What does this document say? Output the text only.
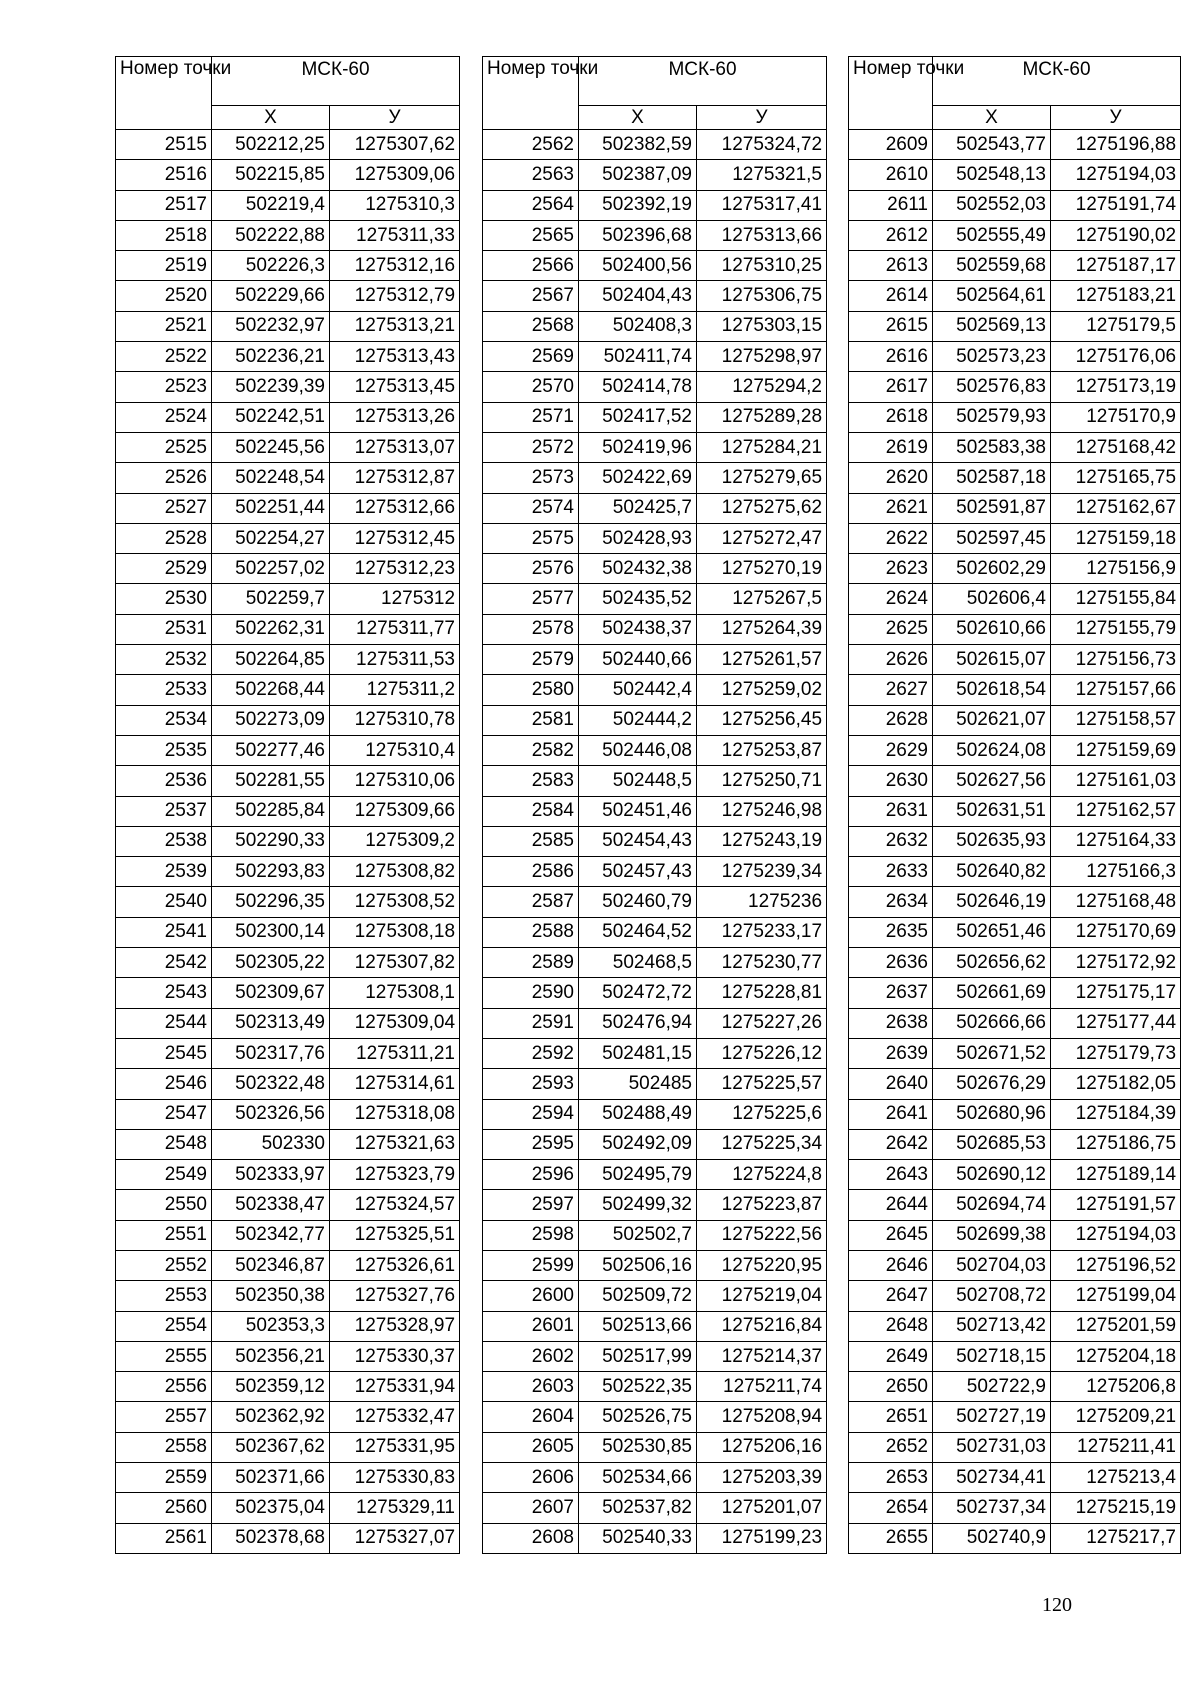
Номер точки	МСК-60	
	Х	У
2515	502212,25	1275307,62
2516	502215,85	1275309,06
2517	502219,4	1275310,3
2518	502222,88	1275311,33
2519	502226,3	1275312,16
2520	502229,66	1275312,79
2521	502232,97	1275313,21
2522	502236,21	1275313,43
2523	502239,39	1275313,45
2524	502242,51	1275313,26
2525	502245,56	1275313,07
2526	502248,54	1275312,87
2527	502251,44	1275312,66
2528	502254,27	1275312,45
2529	502257,02	1275312,23
2530	502259,7	1275312
2531	502262,31	1275311,77
2532	502264,85	1275311,53
2533	502268,44	1275311,2
2534	502273,09	1275310,78
2535	502277,46	1275310,4
2536	502281,55	1275310,06
2537	502285,84	1275309,66
2538	502290,33	1275309,2
2539	502293,83	1275308,82
2540	502296,35	1275308,52
2541	502300,14	1275308,18
2542	502305,22	1275307,82
2543	502309,67	1275308,1
2544	502313,49	1275309,04
2545	502317,76	1275311,21
2546	502322,48	1275314,61
2547	502326,56	1275318,08
2548	502330	1275321,63
2549	502333,97	1275323,79
2550	502338,47	1275324,57
2551	502342,77	1275325,51
2552	502346,87	1275326,61
2553	502350,38	1275327,76
2554	502353,3	1275328,97
2555	502356,21	1275330,37
2556	502359,12	1275331,94
2557	502362,92	1275332,47
2558	502367,62	1275331,95
2559	502371,66	1275330,83
2560	502375,04	1275329,11
2561	502378,68	1275327,07
Номер точки	МСК-60	
	Х	У
2562	502382,59	1275324,72
2563	502387,09	1275321,5
2564	502392,19	1275317,41
2565	502396,68	1275313,66
2566	502400,56	1275310,25
2567	502404,43	1275306,75
2568	502408,3	1275303,15
2569	502411,74	1275298,97
2570	502414,78	1275294,2
2571	502417,52	1275289,28
2572	502419,96	1275284,21
2573	502422,69	1275279,65
2574	502425,7	1275275,62
2575	502428,93	1275272,47
2576	502432,38	1275270,19
2577	502435,52	1275267,5
2578	502438,37	1275264,39
2579	502440,66	1275261,57
2580	502442,4	1275259,02
2581	502444,2	1275256,45
2582	502446,08	1275253,87
2583	502448,5	1275250,71
2584	502451,46	1275246,98
2585	502454,43	1275243,19
2586	502457,43	1275239,34
2587	502460,79	1275236
2588	502464,52	1275233,17
2589	502468,5	1275230,77
2590	502472,72	1275228,81
2591	502476,94	1275227,26
2592	502481,15	1275226,12
2593	502485	1275225,57
2594	502488,49	1275225,6
2595	502492,09	1275225,34
2596	502495,79	1275224,8
2597	502499,32	1275223,87
2598	502502,7	1275222,56
2599	502506,16	1275220,95
2600	502509,72	1275219,04
2601	502513,66	1275216,84
2602	502517,99	1275214,37
2603	502522,35	1275211,74
2604	502526,75	1275208,94
2605	502530,85	1275206,16
2606	502534,66	1275203,39
2607	502537,82	1275201,07
2608	502540,33	1275199,23
Номер точки	МСК-60	
	Х	У
2609	502543,77	1275196,88
2610	502548,13	1275194,03
2611	502552,03	1275191,74
2612	502555,49	1275190,02
2613	502559,68	1275187,17
2614	502564,61	1275183,21
2615	502569,13	1275179,5
2616	502573,23	1275176,06
2617	502576,83	1275173,19
2618	502579,93	1275170,9
2619	502583,38	1275168,42
2620	502587,18	1275165,75
2621	502591,87	1275162,67
2622	502597,45	1275159,18
2623	502602,29	1275156,9
2624	502606,4	1275155,84
2625	502610,66	1275155,79
2626	502615,07	1275156,73
2627	502618,54	1275157,66
2628	502621,07	1275158,57
2629	502624,08	1275159,69
2630	502627,56	1275161,03
2631	502631,51	1275162,57
2632	502635,93	1275164,33
2633	502640,82	1275166,3
2634	502646,19	1275168,48
2635	502651,46	1275170,69
2636	502656,62	1275172,92
2637	502661,69	1275175,17
2638	502666,66	1275177,44
2639	502671,52	1275179,73
2640	502676,29	1275182,05
2641	502680,96	1275184,39
2642	502685,53	1275186,75
2643	502690,12	1275189,14
2644	502694,74	1275191,57
2645	502699,38	1275194,03
2646	502704,03	1275196,52
2647	502708,72	1275199,04
2648	502713,42	1275201,59
2649	502718,15	1275204,18
2650	502722,9	1275206,8
2651	502727,19	1275209,21
2652	502731,03	1275211,41
2653	502734,41	1275213,4
2654	502737,34	1275215,19
2655	502740,9	1275217,7
120
